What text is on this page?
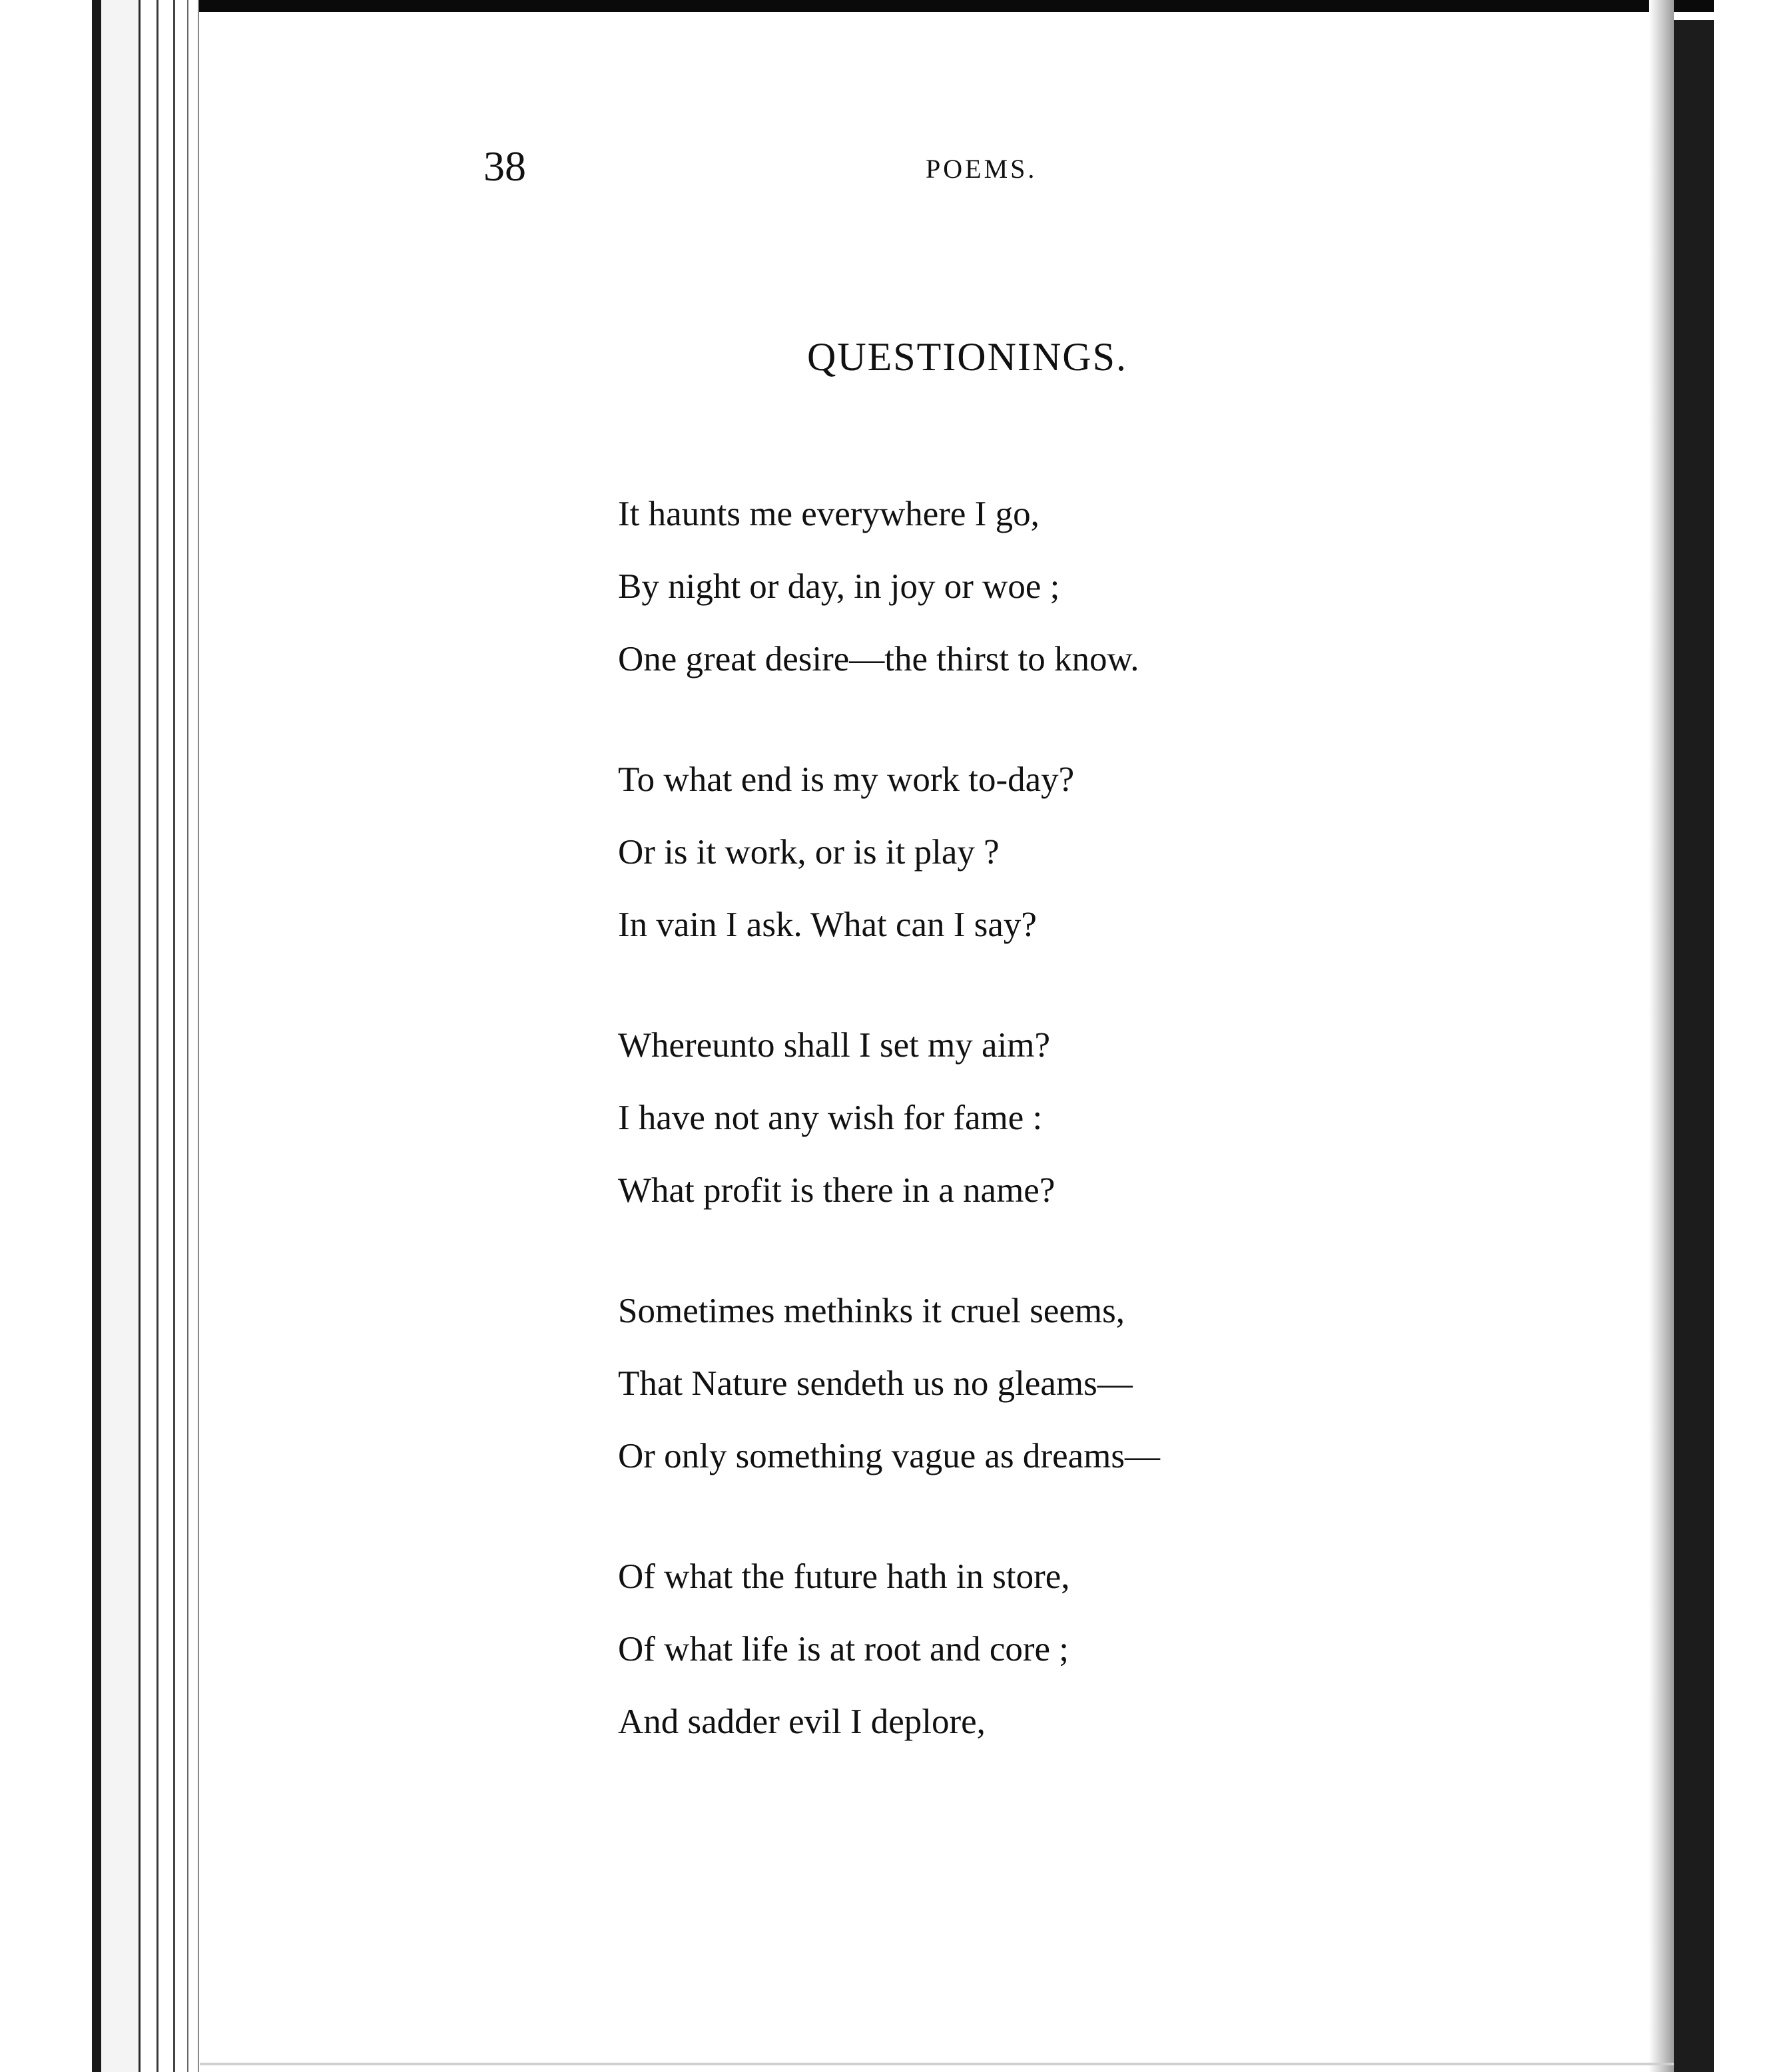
38	POEMS.
QUESTIONINGS.
It haunts me everywhere I go,
By night or day, in joy or woe ;
One great desire—the thirst to know.
To what end is my work to-day?
Or is it work, or is it play ?
In vain I ask. What can I say?
Whereunto shall I set my aim?
I have not any wish for fame :
What profit is there in a name?
Sometimes methinks it cruel seems,
That Nature sendeth us no gleams—
Or only something vague as dreams—
Of what the future hath in store,
Of what life is at root and core ;
And sadder evil I deplore,
